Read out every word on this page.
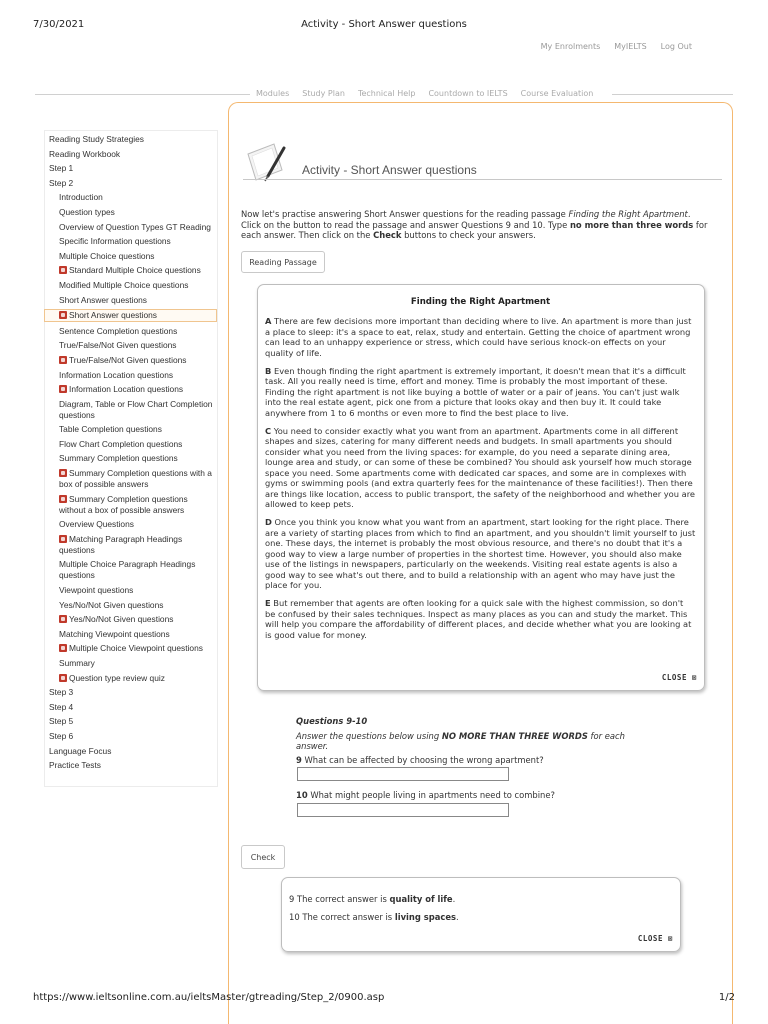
7/30/2021	Activity - Short Answer questions
My Enrolments MyIELTS Log Out
Modules	Study Plan	Technical Help	Countdown to IELTS	Course Evaluation
Reading Study Strategies
Reading Workbook
Step 1
Step 2
Introduction
Question types
Overview of Question Types GT Reading
Specific Information questions
Multiple Choice questions
Standard Multiple Choice questions
Modified Multiple Choice questions
Short Answer questions
Short Answer questions
Sentence Completion questions
True/False/Not Given questions
True/False/Not Given questions
Information Location questions
Information Location questions
Diagram, Table or Flow Chart Completion questions
Table Completion questions
Flow Chart Completion questions
Summary Completion questions
Summary Completion questions with a box of possible answers
Summary Completion questions without a box of possible answers
Overview Questions
Matching Paragraph Headings questions
Multiple Choice Paragraph Headings questions
Viewpoint questions
Yes/No/Not Given questions
Yes/No/Not Given questions
Matching Viewpoint questions
Multiple Choice Viewpoint questions
Summary
Question type review quiz
Step 3
Step 4
Step 5
Step 6
Language Focus
Practice Tests
Activity - Short Answer questions
Now let's practise answering Short Answer questions for the reading passage Finding the Right Apartment. Click on the button to read the passage and answer Questions 9 and 10. Type no more than three words for each answer. Then click on the Check buttons to check your answers.
Reading Passage
Finding the Right Apartment
A There are few decisions more important than deciding where to live. An apartment is more than just a place to sleep: it's a space to eat, relax, study and entertain. Getting the choice of apartment wrong can lead to an unhappy experience or stress, which could have serious knock-on effects on your quality of life.
B Even though finding the right apartment is extremely important, it doesn't mean that it's a difficult task. All you really need is time, effort and money. Time is probably the most important of these. Finding the right apartment is not like buying a bottle of water or a pair of jeans. You can't just walk into the real estate agent, pick one from a picture that looks okay and then buy it. It could take anywhere from 1 to 6 months or even more to find the best place to live.
C You need to consider exactly what you want from an apartment. Apartments come in all different shapes and sizes, catering for many different needs and budgets. In small apartments you should consider what you need from the living spaces: for example, do you need a separate dining area, lounge area and study, or can some of these be combined? You should ask yourself how much storage space you need. Some apartments come with dedicated car spaces, and some are in complexes with gyms or swimming pools (and extra quarterly fees for the maintenance of these facilities!). Then there are things like location, access to public transport, the safety of the neighborhood and whether you are allowed to keep pets.
D Once you think you know what you want from an apartment, start looking for the right place. There are a variety of starting places from which to find an apartment, and you shouldn't limit yourself to just one. These days, the internet is probably the most obvious resource, and there's no doubt that it's a good way to view a large number of properties in the shortest time. However, you should also make use of the listings in newspapers, particularly on the weekends. Visiting real estate agents is also a good way to see what's out there, and to build a relationship with an agent who may have just the place for you.
E But remember that agents are often looking for a quick sale with the highest commission, so don't be confused by their sales techniques. Inspect as many places as you can and study the market. This will help you compare the affordability of different places, and decide whether what you are looking at is good value for money.
CLOSE ⊠
Questions 9-10
Answer the questions below using NO MORE THAN THREE WORDS for each answer.
9 What can be affected by choosing the wrong apartment?
10 What might people living in apartments need to combine?
Check
9 The correct answer is quality of life.
10 The correct answer is living spaces.
CLOSE ⊠
https://www.ieltsonline.com.au/ieltsMaster/gtreading/Step_2/0900.asp	1/2
